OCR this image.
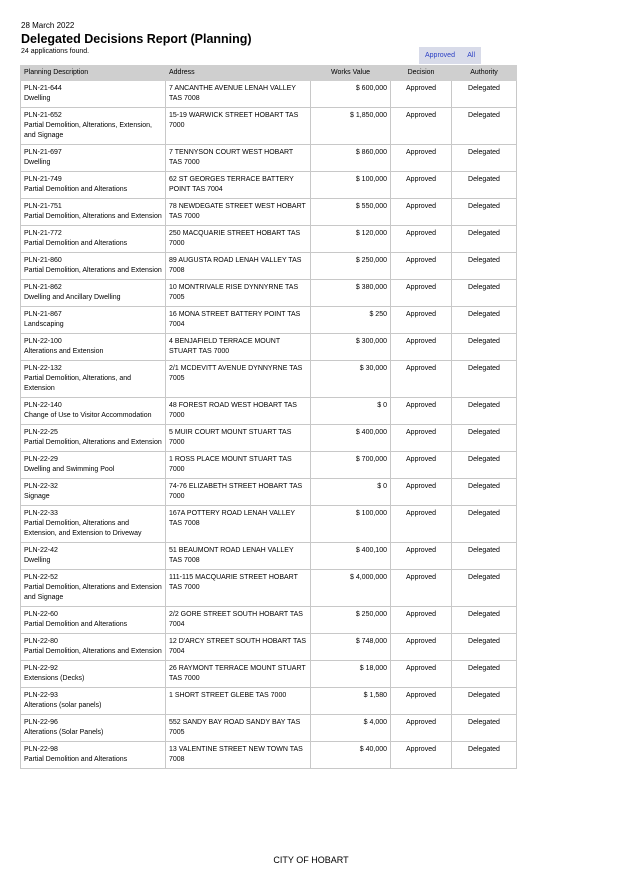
28 March 2022
Delegated Decisions Report (Planning)
24 applications found.
Approved All
Planning Description	Address	Works Value	Decision	Authority

PLN-21-644
Dwelling	7 ANCANTHE AVENUE LENAH VALLEY TAS 7008	$ 600,000	Approved	Delegated

PLN-21-652
Partial Demolition, Alterations, Extension, and Signage	15-19 WARWICK STREET HOBART TAS 7000	$ 1,850,000	Approved	Delegated

PLN-21-697
Dwelling	7 TENNYSON COURT WEST HOBART TAS 7000	$ 860,000	Approved	Delegated

PLN-21-749
Partial Demolition and Alterations	62 ST GEORGES TERRACE BATTERY POINT TAS 7004	$ 100,000	Approved	Delegated

PLN-21-751
Partial Demolition, Alterations and Extension	78 NEWDEGATE STREET WEST HOBART TAS 7000	$ 550,000	Approved	Delegated

PLN-21-772
Partial Demolition and Alterations	250 MACQUARIE STREET HOBART TAS 7000	$ 120,000	Approved	Delegated

PLN-21-860
Partial Demolition, Alterations and Extension	89 AUGUSTA ROAD LENAH VALLEY TAS 7008	$ 250,000	Approved	Delegated

PLN-21-862
Dwelling and Ancillary Dwelling	10 MONTRIVALE RISE DYNNYRNE TAS 7005	$ 380,000	Approved	Delegated

PLN-21-867
Landscaping	16 MONA STREET BATTERY POINT TAS 7004	$ 250	Approved	Delegated

PLN-22-100
Alterations and Extension	4 BENJAFIELD TERRACE MOUNT STUART TAS 7000	$ 300,000	Approved	Delegated

PLN-22-132
Partial Demolition, Alterations, and Extension	2/1 MCDEVITT AVENUE DYNNYRNE TAS 7005	$ 30,000	Approved	Delegated

PLN-22-140
Change of Use to Visitor Accommodation	48 FOREST ROAD WEST HOBART TAS 7000	$ 0	Approved	Delegated

PLN-22-25
Partial Demolition, Alterations and Extension	5 MUIR COURT MOUNT STUART TAS 7000	$ 400,000	Approved	Delegated

PLN-22-29
Dwelling and Swimming Pool	1 ROSS PLACE MOUNT STUART TAS 7000	$ 700,000	Approved	Delegated

PLN-22-32
Signage	74-76 ELIZABETH STREET HOBART TAS 7000	$ 0	Approved	Delegated

PLN-22-33
Partial Demolition, Alterations and Extension, and Extension to Driveway	167A POTTERY ROAD LENAH VALLEY TAS 7008	$ 100,000	Approved	Delegated

PLN-22-42
Dwelling	51 BEAUMONT ROAD LENAH VALLEY TAS 7008	$ 400,100	Approved	Delegated

PLN-22-52
Partial Demolition, Alterations and Extension and Signage	111-115 MACQUARIE STREET HOBART TAS 7000	$ 4,000,000	Approved	Delegated

PLN-22-60
Partial Demolition and Alterations	2/2 GORE STREET SOUTH HOBART TAS 7004	$ 250,000	Approved	Delegated

PLN-22-80
Partial Demolition, Alterations and Extension	12 D'ARCY STREET SOUTH HOBART TAS 7004	$ 748,000	Approved	Delegated

PLN-22-92
Extensions (Decks)	26 RAYMONT TERRACE MOUNT STUART TAS 7000	$ 18,000	Approved	Delegated

PLN-22-93
Alterations (solar panels)	1 SHORT STREET GLEBE TAS 7000	$ 1,580	Approved	Delegated

PLN-22-96
Alterations (Solar Panels)	552 SANDY BAY ROAD SANDY BAY TAS 7005	$ 4,000	Approved	Delegated

PLN-22-98
Partial Demolition and Alterations	13 VALENTINE STREET NEW TOWN TAS 7008	$ 40,000	Approved	Delegated
CITY OF HOBART
